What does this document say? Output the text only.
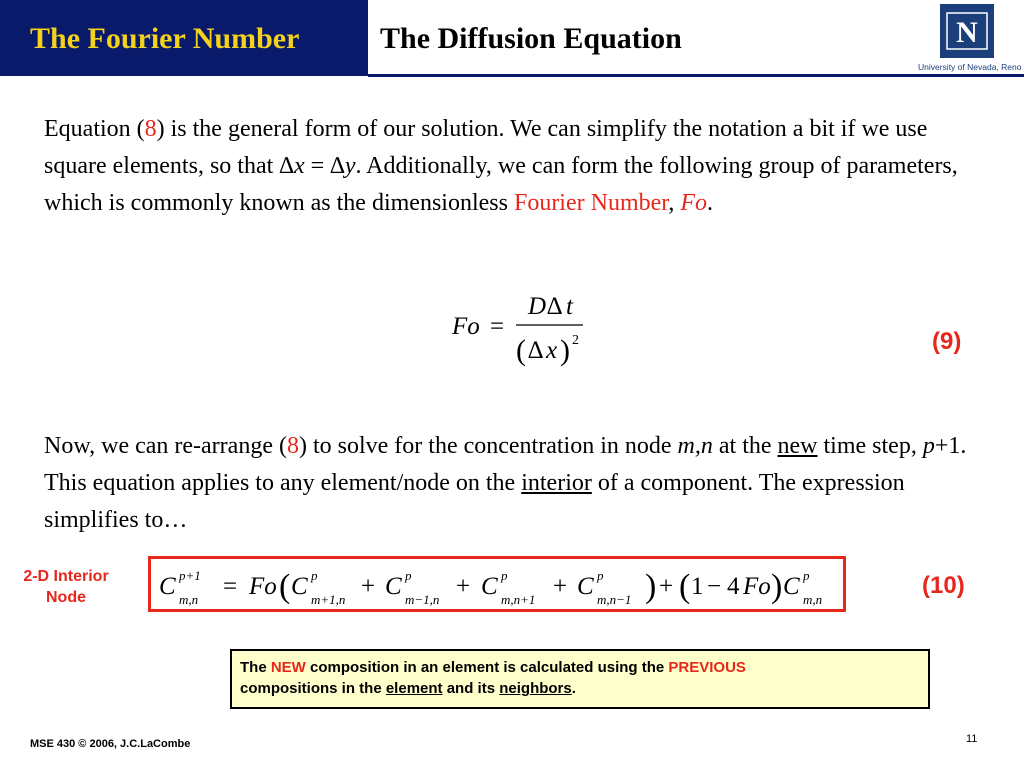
The Fourier Number	The Diffusion Equation	N
University of Nevada, Reno
Equation (8) is the general form of our solution. We can simplify the notation a bit if we use square elements, so that ∆x = ∆y. Additionally, we can form the following group of parameters, which is commonly known as the dimensionless Fourier Number, Fo.
Fo =
D ∆ t
( ∆ x ) 2	(9)
Now, we can re-arrange (8) to solve for the concentration in node m,n at the new time step, p+1. This equation applies to any element/node on the interior of a component. The expression simplifies to…
2-D Interior
Node	C p+1
m,n = Fo ( C p
m+1,n + C p
m−1,n + C p
m,n+1 + C p
m,n−1 ) + ( 1 − 4 Fo ) C p
m,n
(10)
The NEW composition in an element is calculated using the PREVIOUS
compositions in the element and its neighbors.
MSE 430 © 2006, J.C.LaCombe	11
